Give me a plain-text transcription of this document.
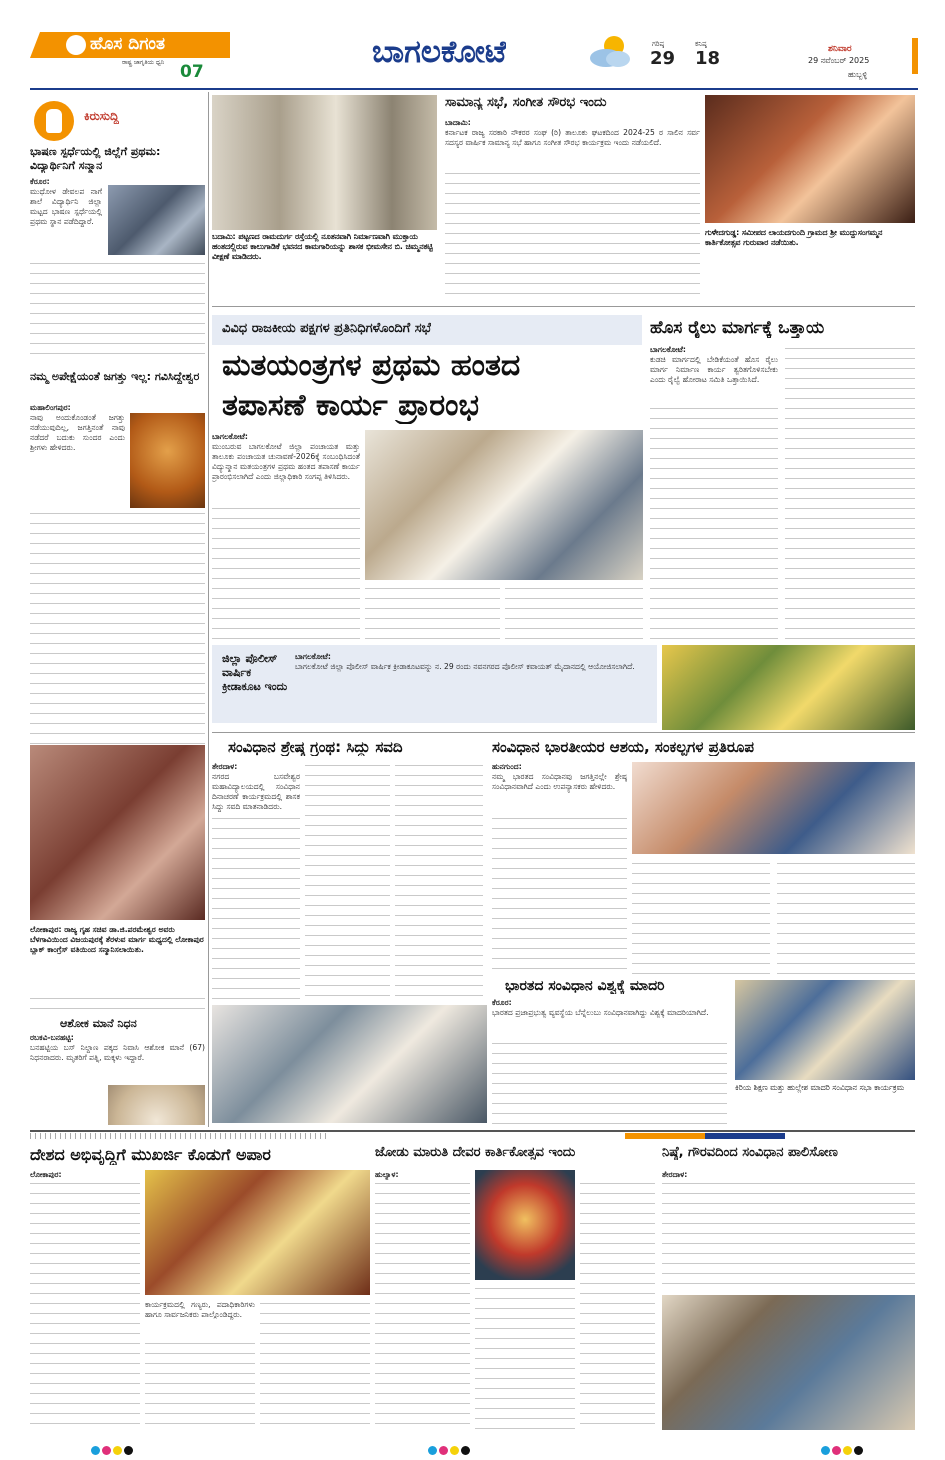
ಹೊಸ ದಿಗಂತ
ರಾಷ್ಟ್ರ ಜಾಗೃತಿಯ ಧ್ವನಿ 07
ಬಾಗಲಕೋಟೆ	ಗರಿಷ್ಠ
29
ಕನಿಷ್ಠ
18	ಶನಿವಾರ
29 ನವೆಂಬರ್ 2025
ಹುಬ್ಬಳ್ಳಿ
ಕಿರುಸುದ್ದಿ
ಭಾಷಣ ಸ್ಪರ್ಧೆಯಲ್ಲಿ ಜಿಲ್ಲೆಗೆ ಪ್ರಥಮ: ವಿದ್ಯಾರ್ಥಿನಿಗೆ ಸನ್ಮಾನ
ಕೆರೂರ:
ಮುಧೋಳ ಡೇವಲಪ ನಾಗೆ ಶಾಲೆ ವಿದ್ಯಾರ್ಥಿನಿ ಜಿಲ್ಲಾ ಮಟ್ಟದ ಭಾಷಣ ಸ್ಪರ್ಧೆಯಲ್ಲಿ ಪ್ರಥಮ ಸ್ಥಾನ ಪಡೆದಿದ್ದಾರೆ.
ನಮ್ಮ ಅಪೇಕ್ಷೆಯಂತೆ ಜಗತ್ತು ಇಲ್ಲ: ಗವಿಸಿದ್ದೇಶ್ವರ
ಮಹಾಲಿಂಗಪುರ:
ನಾವು ಅಂದುಕೊಂಡಂತೆ ಜಗತ್ತು ನಡೆಯುವುದಿಲ್ಲ, ಜಗತ್ತಿನಂತೆ ನಾವು ನಡೆದರೆ ಬದುಕು ಸುಂದರ ಎಂದು ಶ್ರೀಗಳು ಹೇಳಿದರು.
ಲೋಕಾಪುರ: ರಾಜ್ಯ ಗೃಹ ಸಚಿವ ಡಾ.ಜಿ.ಪರಮೇಶ್ವರ ಅವರು ಬೆಳಗಾವಿಯಿಂದ ವಿಜಯಪುರಕ್ಕೆ ತೆರಳುವ ಮಾರ್ಗ ಮಧ್ಯದಲ್ಲಿ ಲೋಕಾಪುರ ಬ್ಲಾಕ್ ಕಾಂಗ್ರೆಸ್ ವತಿಯಿಂದ ಸನ್ಮಾನಿಸಲಾಯಿತು.
ಆಶೋಕ ಮಾನೆ ನಿಧನ
ರಬಕವಿ-ಬನಹಟ್ಟಿ:
ಬನಹಟ್ಟಿಯ ಬಸ್ ನಿಲ್ದಾಣ ಪಕ್ಕದ ನಿವಾಸಿ ಆಶೋಕ ಮಾನೆ (67) ನಿಧನರಾದರು. ಮೃತರಿಗೆ ಪತ್ನಿ, ಮಕ್ಕಳು ಇದ್ದಾರೆ.
ಬದಾಮಿ: ಪಟ್ಟಣದ ರಾಮದುರ್ಗ ರಸ್ತೆಯಲ್ಲಿ ನೂತನವಾಗಿ ನಿರ್ಮಾಣವಾಗಿ ಮುಕ್ತಾಯ ಹಂತದಲ್ಲಿರುವ ಕಾಲುಗಾಡಿಕೆ ಭವನದ ಕಾಮಗಾರಿಯನ್ನು ಶಾಸಕ ಭೀಮಸೇನ ಬಿ. ಚಿಮ್ಮನಕಟ್ಟಿ ವೀಕ್ಷಣೆ ಮಾಡಿದರು.
ಸಾಮಾನ್ಯ ಸಭೆ, ಸಂಗೀತ ಸೌರಭ ಇಂದು
ಬಾದಾಮಿ:
ಕರ್ನಾಟಕ ರಾಜ್ಯ ಸರಕಾರಿ ನೌಕರರ ಸಂಘ (ರಿ) ತಾಲೂಕು ಘಟಕದಿಂದ 2024-25 ರ ಸಾಲಿನ ಸರ್ವ ಸದಸ್ಯರ ವಾರ್ಷಿಕ ಸಾಮಾನ್ಯ ಸಭೆ ಹಾಗೂ ಸಂಗೀತ ಸೌರಭ ಕಾರ್ಯಕ್ರಮ ಇಂದು ನಡೆಯಲಿದೆ.
ಗುಳೇದಗುಡ್ಡ: ಸಮೀಪದ ಲಾಯದಗುಂದಿ ಗ್ರಾಮದ ಶ್ರೀ ಮುದ್ದುಸಂಗಮ್ಮನ ಕಾರ್ತಿಕೋತ್ಸವ ಗುರುವಾರ ನಡೆಯಿತು.
ವಿವಿಧ ರಾಜಕೀಯ ಪಕ್ಷಗಳ ಪ್ರತಿನಿಧಿಗಳೊಂದಿಗೆ ಸಭೆ
ಮತಯಂತ್ರಗಳ ಪ್ರಥಮ ಹಂತದ
ತಪಾಸಣೆ ಕಾರ್ಯ ಪ್ರಾರಂಭ
ಬಾಗಲಕೋಟೆ:
ಮುಂಬರುವ ಬಾಗಲಕೋಟೆ ಜಿಲ್ಲಾ ಪಂಚಾಯತ ಮತ್ತು ತಾಲೂಕು ಪಂಚಾಯತ ಚುನಾವಣೆ-2026ಕ್ಕೆ ಸಂಬಂಧಿಸಿದಂತೆ ವಿದ್ಯುನ್ಮಾನ ಮತಯಂತ್ರಗಳ ಪ್ರಥಮ ಹಂತದ ತಪಾಸಣೆ ಕಾರ್ಯ ಪ್ರಾರಂಭಿಸಲಾಗಿದೆ ಎಂದು ಜಿಲ್ಲಾಧಿಕಾರಿ ಸಂಗಪ್ಪ ತಿಳಿಸಿದರು.
ಹೊಸ ರೈಲು ಮಾರ್ಗಕ್ಕೆ ಒತ್ತಾಯ
ಬಾಗಲಕೋಟೆ:
ಕುಡಚಿ ಮಾರ್ಗದಲ್ಲಿ ಬೇಡಿಕೆಯಂತೆ ಹೊಸ ರೈಲು ಮಾರ್ಗ ನಿರ್ಮಾಣ ಕಾರ್ಯ ತ್ವರಿತಗೊಳಿಸಬೇಕು ಎಂದು ರೈಲ್ವೆ ಹೋರಾಟ ಸಮಿತಿ ಒತ್ತಾಯಿಸಿದೆ.
ಜಿಲ್ಲಾ ಪೊಲೀಸ್ ವಾರ್ಷಿಕ ಕ್ರೀಡಾಕೂಟ ಇಂದು
ಬಾಗಲಕೋಟೆ:
ಬಾಗಲಕೋಟೆ ಜಿಲ್ಲಾ ಪೊಲೀಸ್ ವಾರ್ಷಿಕ ಕ್ರೀಡಾಕೂಟವನ್ನು ನ. 29 ರಂದು ನವನಗರದ ಪೊಲೀಸ್ ಕವಾಯತ್ ಮೈದಾನದಲ್ಲಿ ಆಯೋಜಿಸಲಾಗಿದೆ.
ಸಂವಿಧಾನ ಶ್ರೇಷ್ಠ ಗ್ರಂಥ: ಸಿದ್ದು ಸವದಿ
ತೇರದಾಳ:
ನಗರದ ಬಸವೇಶ್ವರ ಮಹಾವಿದ್ಯಾಲಯದಲ್ಲಿ ಸಂವಿಧಾನ ದಿನಾಚರಣೆ ಕಾರ್ಯಕ್ರಮದಲ್ಲಿ ಶಾಸಕ ಸಿದ್ದು ಸವದಿ ಮಾತನಾಡಿದರು.
ಸಂವಿಧಾನ ಭಾರತೀಯರ ಆಶಯ, ಸಂಕಲ್ಪಗಳ ಪ್ರತಿರೂಪ
ಹುನಗುಂದ:
ನಮ್ಮ ಭಾರತದ ಸಂವಿಧಾನವು ಜಗತ್ತಿನಲ್ಲೇ ಶ್ರೇಷ್ಠ ಸಂವಿಧಾನವಾಗಿದೆ ಎಂದು ಉಪನ್ಯಾಸಕರು ಹೇಳಿದರು.
ಭಾರತದ ಸಂವಿಧಾನ ವಿಶ್ವಕ್ಕೆ ಮಾದರಿ
ಕೆರೂರ:
ಭಾರತದ ಪ್ರಜಾಪ್ರಭುತ್ವ ವ್ಯವಸ್ಥೆಯ ಬೆನ್ನೆಲುಬು ಸಂವಿಧಾನವಾಗಿದ್ದು ವಿಶ್ವಕ್ಕೆ ಮಾದರಿಯಾಗಿದೆ.
ಕಿರಿಯ ಶಿಕ್ಷಣ ಮತ್ತು ಹುಲ್ಲೇಶ ಮಾದರಿ ಸಂವಿಧಾನ ಸಭಾ ಕಾರ್ಯಕ್ರಮ
ದೇಶದ ಅಭಿವೃದ್ಧಿಗೆ ಮುಖರ್ಜಿ ಕೊಡುಗೆ ಅಪಾರ
ಲೋಕಾಪುರ:
ಕಾರ್ಯಕ್ರಮದಲ್ಲಿ ಗಣ್ಯರು, ಪದಾಧಿಕಾರಿಗಳು ಹಾಗೂ ಸಾರ್ವಜನಿಕರು ಪಾಲ್ಗೊಂಡಿದ್ದರು.
ಜೋಡು ಮಾರುತಿ ದೇವರ ಕಾರ್ತಿಕೋತ್ಸವ ಇಂದು
ಹುಲ್ಯಾಳ:
ನಿಷ್ಠೆ, ಗೌರವದಿಂದ ಸಂವಿಧಾನ ಪಾಲಿಸೋಣ
ತೇರದಾಳ:
